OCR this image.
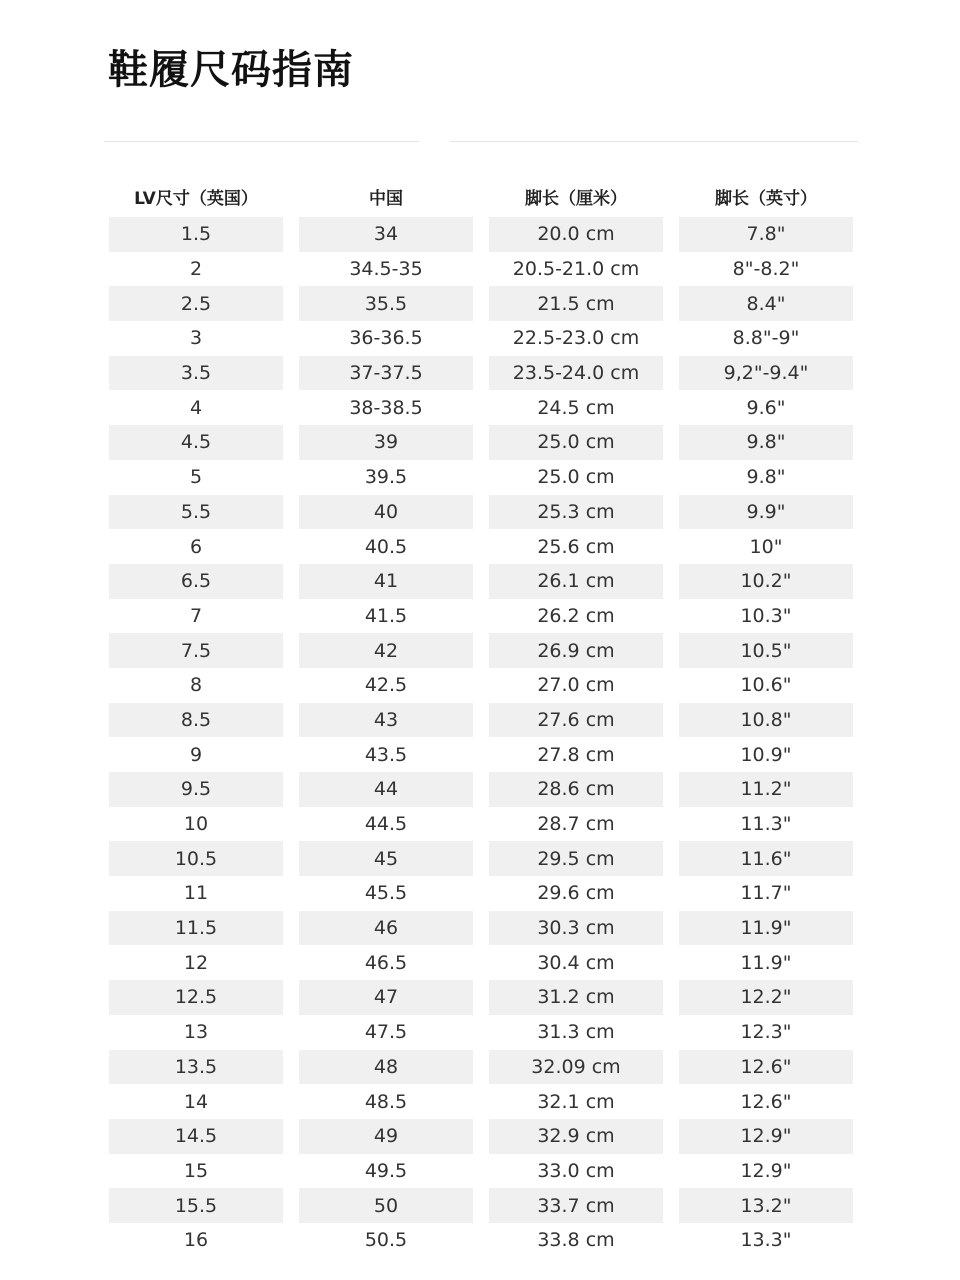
鞋履尺码指南
LV尺寸（英国）	中国	脚长（厘米）	脚长（英寸）
1.5	34	20.0 cm	7.8"
2	34.5-35	20.5-21.0 cm	8"-8.2"
2.5	35.5	21.5 cm	8.4"
3	36-36.5	22.5-23.0 cm	8.8"-9"
3.5	37-37.5	23.5-24.0 cm	9,2"-9.4"
4	38-38.5	24.5 cm	9.6"
4.5	39	25.0 cm	9.8"
5	39.5	25.0 cm	9.8"
5.5	40	25.3 cm	9.9"
6	40.5	25.6 cm	10"
6.5	41	26.1 cm	10.2"
7	41.5	26.2 cm	10.3"
7.5	42	26.9 cm	10.5"
8	42.5	27.0 cm	10.6"
8.5	43	27.6 cm	10.8"
9	43.5	27.8 cm	10.9"
9.5	44	28.6 cm	11.2"
10	44.5	28.7 cm	11.3"
10.5	45	29.5 cm	11.6"
11	45.5	29.6 cm	11.7"
11.5	46	30.3 cm	11.9"
12	46.5	30.4 cm	11.9"
12.5	47	31.2 cm	12.2"
13	47.5	31.3 cm	12.3"
13.5	48	32.09 cm	12.6"
14	48.5	32.1 cm	12.6"
14.5	49	32.9 cm	12.9"
15	49.5	33.0 cm	12.9"
15.5	50	33.7 cm	13.2"
16	50.5	33.8 cm	13.3"
